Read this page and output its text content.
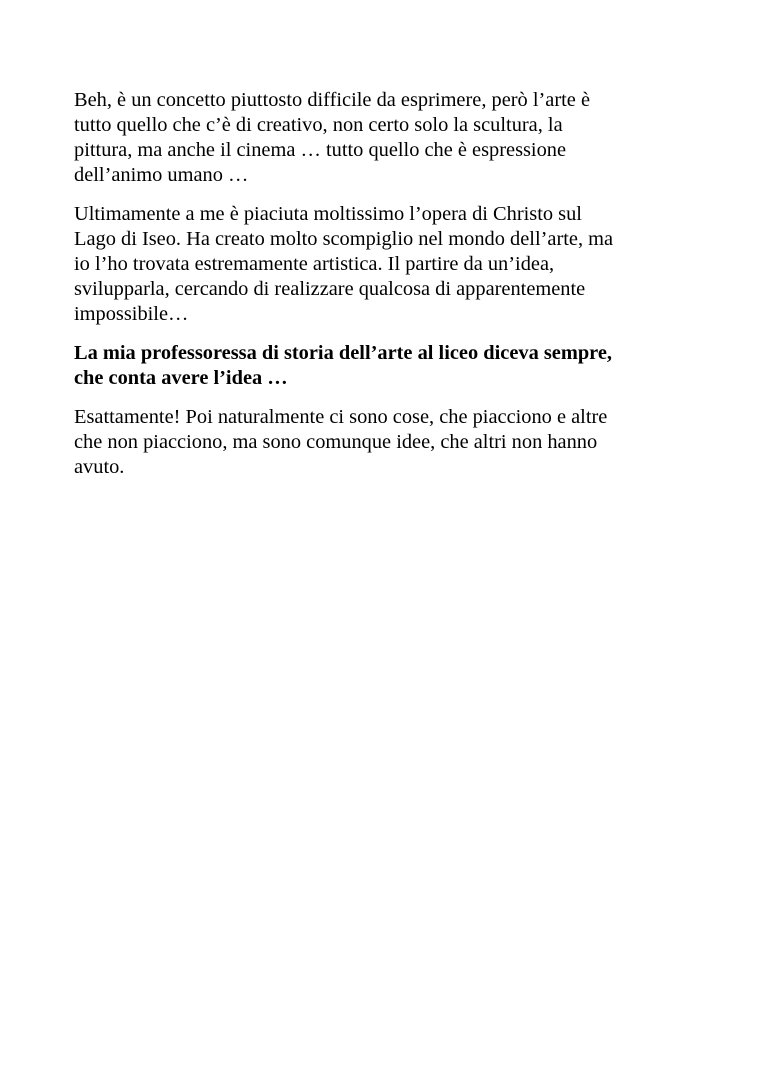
Beh, è un concetto piuttosto difficile da esprimere, però l’arte è
tutto quello che c’è di creativo, non certo solo la scultura, la
pittura, ma anche il cinema … tutto quello che è espressione
dell’animo umano …

Ultimamente a me è piaciuta moltissimo l’opera di Christo sul
Lago di Iseo. Ha creato molto scompiglio nel mondo dell’arte, ma
io l’ho trovata estremamente artistica. Il partire da un’idea,
svilupparla, cercando di realizzare qualcosa di apparentemente
impossibile…

La mia professoressa di storia dell’arte al liceo diceva sempre,
che conta avere l’idea …

Esattamente! Poi naturalmente ci sono cose, che piacciono e altre
che non piacciono, ma sono comunque idee, che altri non hanno
avuto.
